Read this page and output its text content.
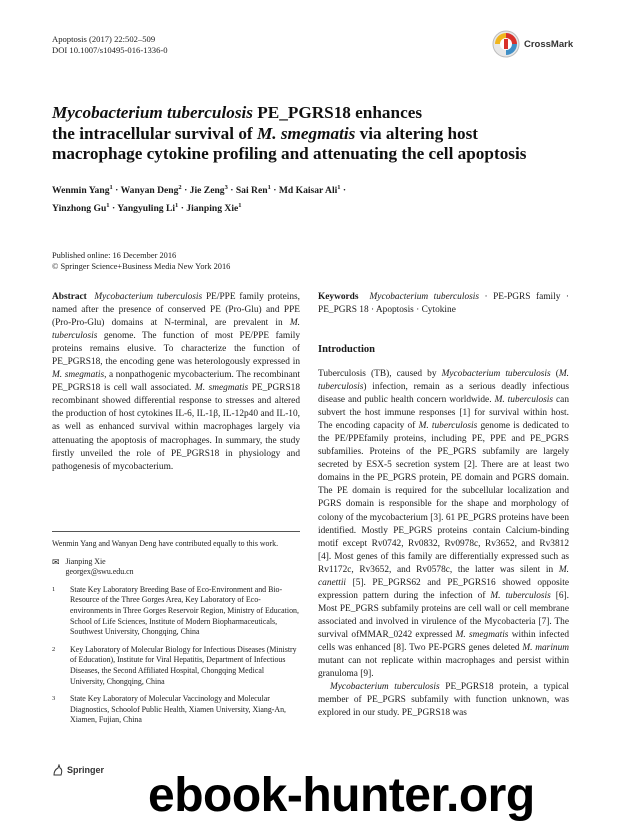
Apoptosis (2017) 22:502–509
DOI 10.1007/s10495-016-1336-0
CrossMark
Mycobacterium tuberculosis PE_PGRS18 enhances
the intracellular survival of M. smegmatis via altering host
macrophage cytokine profiling and attenuating the cell apoptosis
Wenmin Yang$^1$ · Wanyan Deng$^2$ · Jie Zeng$^3$ · Sai Ren$^1$ · Md Kaisar Ali$^1$ ·
Yinzhong $Gu^1$ · Yangyuling $Li^1$ · Jianping Xie$^1$
Published online: 16 December 2016
© Springer Science+Business Media New York 2016
Abstract Mycobacterium tuberculosis PE/PPE family proteins, named after the presence of conserved PE (Pro-Glu) and PPE (Pro-Pro-Glu) domains at N-terminal, are prevalent in M. tuberculosis genome. The function of most PE/PPE family proteins remains elusive. To characterize the function of PE_PGRS18, the encoding gene was heterologously expressed in M. smegmatis, a nonpathogenic mycobacterium. The recombinant PE_PGRS18 is cell wall associated. M. smegmatis PE_PGRS18 recombinant showed differential response to stresses and altered the production of host cytokines IL-6, IL-1β, IL-12p40 and IL-10, as well as enhanced survival within macrophages largely via attenuating the apoptosis of macrophages. In summary, the study firstly unveiled the role of PE_PGRS18 in physiology and pathogenesis of mycobacterium.
Keywords Mycobacterium tuberculosis · PE-PGRS family · PE_PGRS 18 · Apoptosis · Cytokine
Introduction

Tuberculosis (TB), caused by Mycobacterium tuberculosis (M. tuberculosis) infection, remain as a serious deadly infectious disease and public health concern worldwide. M. tuberculosis can subvert the host immune responses [1] for survival within host. The encoding capacity of M. tuberculosis genome is dedicated to the PE/PPEfamily proteins, including PE, PPE and PE_PGRS subfamilies. Proteins of the PE_PGRS subfamily are largely secreted by ESX-5 secretion system [2]. There are at least two domains in the PE_PGRS protein, PE domain and PGRS domain. The PE domain is required for the subcellular localization and PGRS domain is responsible for the shape and morphology of colony of the mycobacterium [3]. 61 PE_PGRS proteins have been identified. Mostly PE_PGRS proteins contain Calcium-binding motif except Rv0742, Rv0832, Rv0978c, Rv3652, and Rv3812 [4]. Most genes of this family are differentially expressed such as Rv1172c, Rv3652, and Rv0578c, the latter was silent in M. canettii [5]. PE_PGRS62 and PE_PGRS16 showed opposite expression pattern during the infection of M. tuberculosis [6]. Most PE_PGRS subfamily proteins are cell wall or cell membrane associated and involved in virulence of the Mycobacteria [7]. The survival ofMMAR_0242 expressed M. smegmatis within infected cells was enhanced [8]. Two PE-PGRS genes deleted M. marinum mutant can not replicate within macrophages and persist within granuloma [9].

Mycobacterium tuberculosis PE_PGRS18 protein, a typical member of PE_PGRS subfamily with function unknown, was explored in our study. PE_PGRS18 was

Wenmin Yang and Wanyan Deng have contributed equally to this work.
✉ Jianping Xie
georgex@swu.edu.cn
1	State Key Laboratory Breeding Base of Eco-Environment and Bio-Resource of the Three Gorges Area, Key Laboratory of Eco-environments in Three Gorges Reservoir Region, Ministry of Education, School of Life Sciences, Institute of Modern Biopharmaceuticals, Southwest University, Chongqing, China
2	Key Laboratory of Molecular Biology for Infectious Diseases (Ministry of Education), Institute for Viral Hepatitis, Department of Infectious Diseases, the Second Affiliated Hospital, Chongqing Medical University, Chongqing, China
3	State Key Laboratory of Molecular Vaccinology and Molecular Diagnostics, Schoolof Public Health, Xiamen University, Xiang-An, Xiamen, Fujian, China
Springer ebook-hunter.org
